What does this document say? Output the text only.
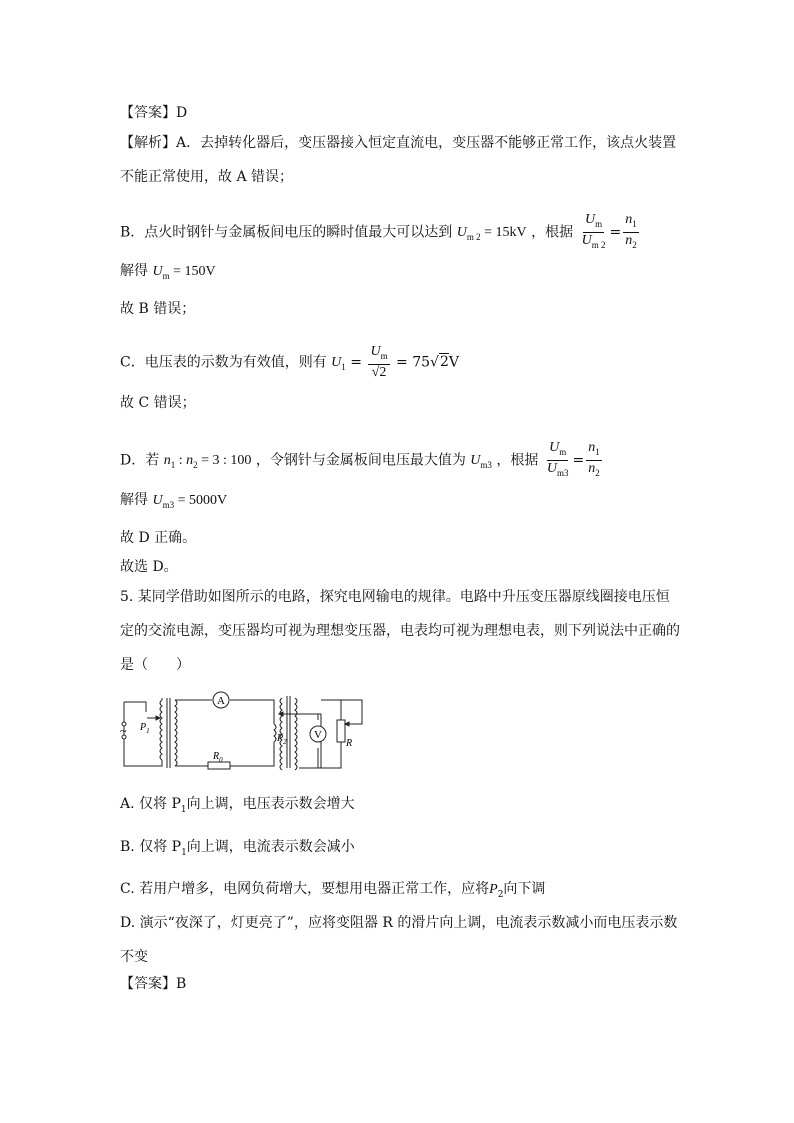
【答案】D
【解析】A．去掉转化器后，变压器接入恒定直流电，变压器不能够正常工作，该点火装置不能正常使用，故 A 错误；
B．点火时钢针与金属板间电压的瞬时值最大可以达到 $U_{m 2} = 15kV$ ，根据 $\frac{U_m}{U_{m 2}} = \frac{n_1}{n_2}$
解得 $U_m = 150V$
故 B 错误；
C．电压表的示数为有效值，则有 $U_1 = \frac{U_m}{√2} = 75√2V$
故 C 错误；
D．若 $n_1$ : $n_2 = 3$ : 100 ，令钢针与金属板间电压最大值为 $U_{m3}$ ，根据 $\frac{U_m}{U_{m3}} = \frac{n_1}{n_2}$
解得 $U_{m3} = 5000V$
故 D 正确。
故选 D。
5. 某同学借助如图所示的电路，探究电网输电的规律。电路中升压变压器原线圈接电压恒定的交流电源，变压器均可视为理想变压器，电表均可视为理想电表，则下列说法中正确的是（　　）
A
V
~ $P_1$
$P_2$
$R_0$
R
A. 仅将 $P_1$向上调，电压表示数会增大
B. 仅将 $P_1$向上调，电流表示数会减小
C. 若用户增多，电网负荷增大，要想用电器正常工作，应将$P_2$向下调
D. 演示“夜深了，灯更亮了”，应将变阻器 R 的滑片向上调，电流表示数减小而电压表示数不变
【答案】B
